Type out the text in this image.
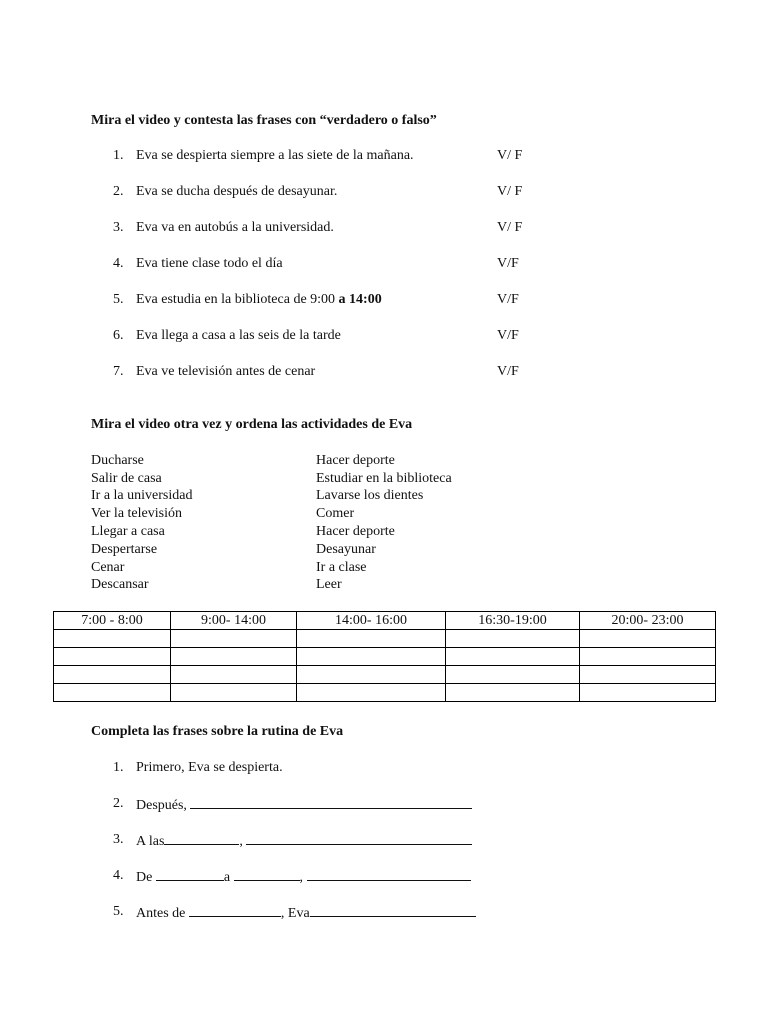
Mira el video y contesta las frases con “verdadero o falso”
1. Eva se despierta siempre a las siete de la mañana.	V/ F
2. Eva se ducha después de desayunar.	V/ F
3. Eva va en autobús a la universidad.	V/ F
4. Eva tiene clase todo el día	V/F
5. Eva estudia en la biblioteca de 9:00 a 14:00	V/F
6. Eva llega a casa a las seis de la tarde	V/F
7. Eva ve televisión antes de cenar	V/F
Mira el video otra vez y ordena las actividades de Eva
Ducharse	Hacer deporte
Salir de casa	Estudiar en la biblioteca
Ir a la universidad	Lavarse los dientes
Ver la televisión	Comer
Llegar a casa	Hacer deporte
Despertarse	Desayunar
Cenar	Ir a clase
Descansar	Leer
7:00 - 8:00	9:00- 14:00	14:00- 16:00	16:30-19:00	20:00- 23:00

Completa las frases sobre la rutina de Eva
1. Primero, Eva se despierta.
2. Después,
3. A las	,
4. De	a	,
5. Antes de	, Eva
